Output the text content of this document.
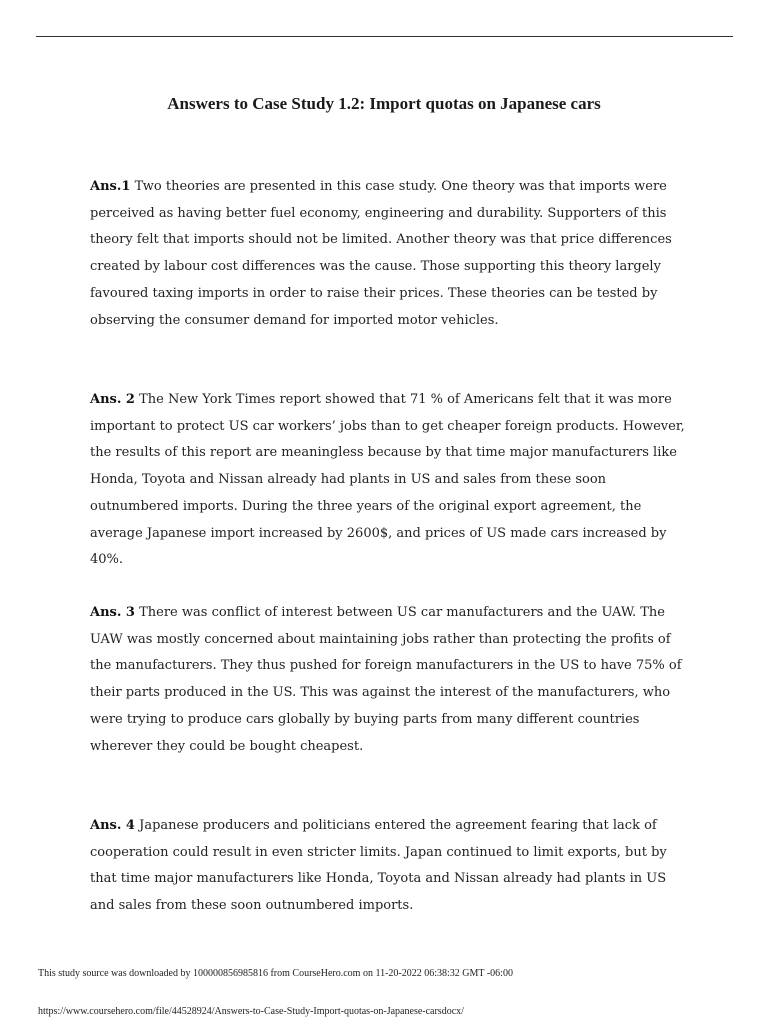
Answers to Case Study 1.2: Import quotas on Japanese cars

Ans.1 Two theories are presented in this case study. One theory was that imports were perceived as having better fuel economy, engineering and durability. Supporters of this theory felt that imports should not be limited. Another theory was that price differences created by labour cost differences was the cause. Those supporting this theory largely favoured taxing imports in order to raise their prices. These theories can be tested by observing the consumer demand for imported motor vehicles.

Ans. 2 The New York Times report showed that 71 % of Americans felt that it was more important to protect US car workers’ jobs than to get cheaper foreign products. However, the results of this report are meaningless because by that time major manufacturers like Honda, Toyota and Nissan already had plants in US and sales from these soon outnumbered imports. During the three years of the original export agreement, the average Japanese import increased by 2600$, and prices of US made cars increased by 40%.

Ans. 3 There was conflict of interest between US car manufacturers and the UAW. The UAW was mostly concerned about maintaining jobs rather than protecting the profits of the manufacturers. They thus pushed for foreign manufacturers in the US to have 75% of their parts produced in the US. This was against the interest of the manufacturers, who were trying to produce cars globally by buying parts from many different countries wherever they could be bought cheapest.

Ans. 4 Japanese producers and politicians entered the agreement fearing that lack of cooperation could result in even stricter limits. Japan continued to limit exports, but by that time major manufacturers like Honda, Toyota and Nissan already had plants in US and sales from these soon outnumbered imports.

This study source was downloaded by 100000856985816 from CourseHero.com on 11-20-2022 06:38:32 GMT -06:00

https://www.coursehero.com/file/44528924/Answers-to-Case-Study-Import-quotas-on-Japanese-carsdocx/
